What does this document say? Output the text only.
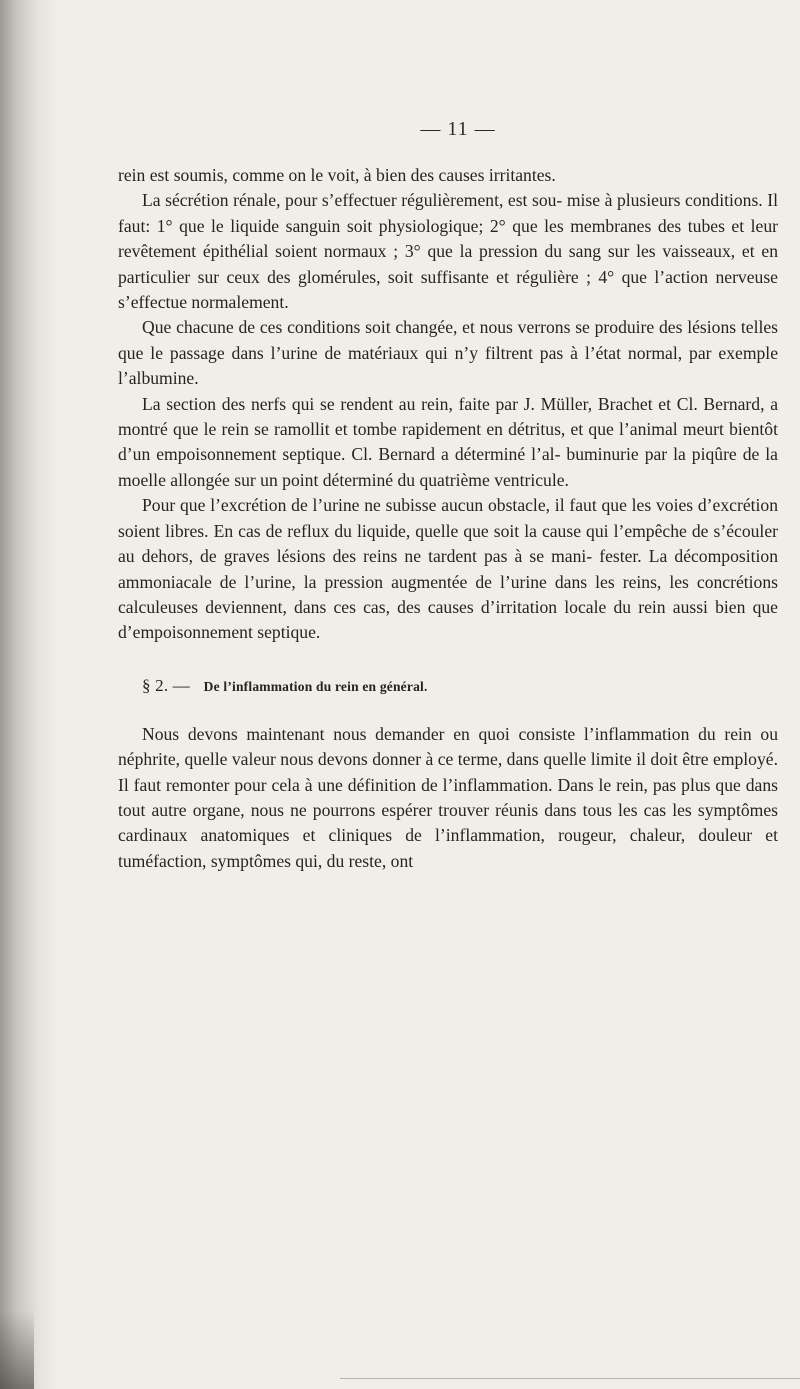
— 11 —

rein est soumis, comme on le voit, à bien des causes irritantes.

La sécrétion rénale, pour s’effectuer régulièrement, est sou- mise à plusieurs conditions. Il faut: 1° que le liquide sanguin soit physiologique; 2° que les membranes des tubes et leur revêtement épithélial soient normaux ; 3° que la pression du sang sur les vaisseaux, et en particulier sur ceux des glomérules, soit suffisante et régulière ; 4° que l’action nerveuse s’effectue normalement.

Que chacune de ces conditions soit changée, et nous verrons se produire des lésions telles que le passage dans l’urine de matériaux qui n’y filtrent pas à l’état normal, par exemple l’albumine.

La section des nerfs qui se rendent au rein, faite par J. Müller, Brachet et Cl. Bernard, a montré que le rein se ramollit et tombe rapidement en détritus, et que l’animal meurt bientôt d’un empoisonnement septique. Cl. Bernard a déterminé l’al- buminurie par la piqûre de la moelle allongée sur un point déterminé du quatrième ventricule.

Pour que l’excrétion de l’urine ne subisse aucun obstacle, il faut que les voies d’excrétion soient libres. En cas de reflux du liquide, quelle que soit la cause qui l’empêche de s’écouler au dehors, de graves lésions des reins ne tardent pas à se mani- fester. La décomposition ammoniacale de l’urine, la pression augmentée de l’urine dans les reins, les concrétions calculeuses deviennent, dans ces cas, des causes d’irritation locale du rein aussi bien que d’empoisonnement septique.

§ 2. — De l’inflammation du rein en général.

Nous devons maintenant nous demander en quoi consiste l’inflammation du rein ou néphrite, quelle valeur nous devons donner à ce terme, dans quelle limite il doit être employé. Il faut remonter pour cela à une définition de l’inflammation. Dans le rein, pas plus que dans tout autre organe, nous ne pourrons espérer trouver réunis dans tous les cas les symptômes cardinaux anatomiques et cliniques de l’inflammation, rougeur, chaleur, douleur et tuméfaction, symptômes qui, du reste, ont
